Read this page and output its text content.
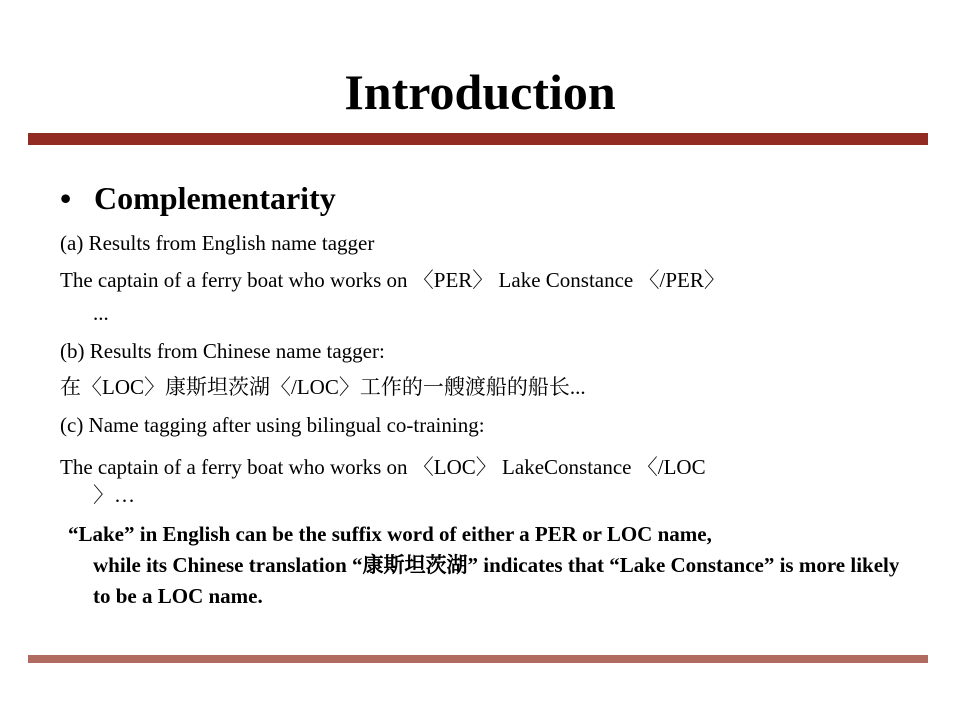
Introduction
• Complementarity
(a) Results from English name tagger
The captain of a ferry boat who works on 〈PER〉 Lake Constance 〈/PER〉
...
(b) Results from Chinese name tagger:
在〈LOC〉康斯坦茨湖〈/LOC〉工作的一艘渡船的船长...
(c) Name tagging after using bilingual co-training:
The captain of a ferry boat who works on 〈LOC〉 LakeConstance 〈/LOC
〉…
“Lake” in English can be the suffix word of either a PER or LOC name,
while its Chinese translation “康斯坦茨湖” indicates that “Lake Constance” is more likely to be a LOC name.
